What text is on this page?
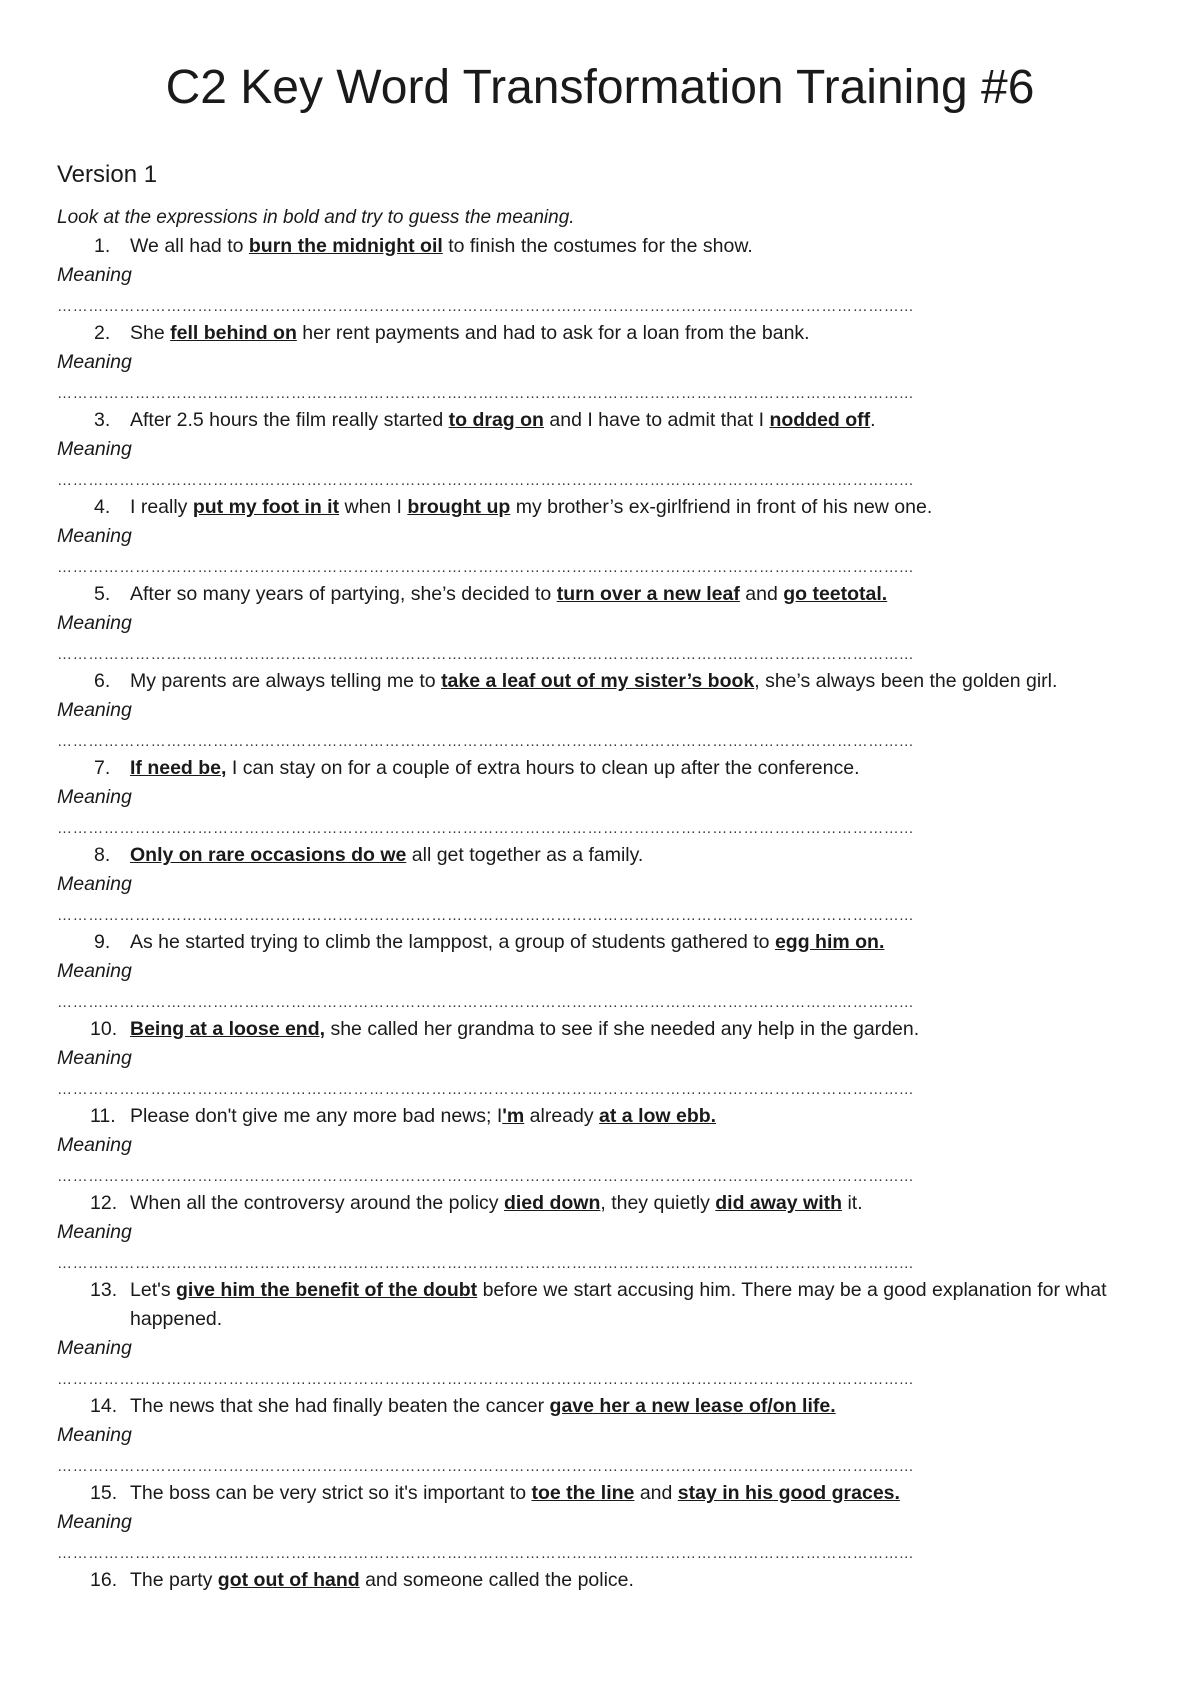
C2 Key Word Transformation Training #6
Version 1

Look at the expressions in bold and try to guess the meaning.

1.	We all had to burn the midnight oil to finish the costumes for the show.
Meaning
………………………………………………………………………………………………………………………………………………...
2.	She fell behind on her rent payments and had to ask for a loan from the bank.
Meaning
………………………………………………………………………………………………………………………………………………...
3.	After 2.5 hours the film really started to drag on and I have to admit that I nodded off.
Meaning
………………………………………………………………………………………………………………………………………………...
4.	I really put my foot in it when I brought up my brother’s ex-girlfriend in front of his new one.
Meaning
………………………………………………………………………………………………………………………………………………...
5.	After so many years of partying, she’s decided to turn over a new leaf and go teetotal.
Meaning
………………………………………………………………………………………………………………………………………………...
6.	My parents are always telling me to take a leaf out of my sister’s book, she’s always been the golden girl.
Meaning
………………………………………………………………………………………………………………………………………………...
7.	If need be, I can stay on for a couple of extra hours to clean up after the conference.
Meaning
………………………………………………………………………………………………………………………………………………...
8.	Only on rare occasions do we all get together as a family.
Meaning
………………………………………………………………………………………………………………………………………………...
9.	As he started trying to climb the lamppost, a group of students gathered to egg him on.
Meaning
………………………………………………………………………………………………………………………………………………...
10. Being at a loose end, she called her grandma to see if she needed any help in the garden.
Meaning
………………………………………………………………………………………………………………………………………………...
11. Please don't give me any more bad news; I'm already at a low ebb.
Meaning
………………………………………………………………………………………………………………………………………………...
12. When all the controversy around the policy died down, they quietly did away with it.
Meaning
………………………………………………………………………………………………………………………………………………...
13. Let's give him the benefit of the doubt before we start accusing him. There may be a good explanation for what happened.
Meaning
………………………………………………………………………………………………………………………………………………...
14. The news that she had finally beaten the cancer gave her a new lease of/on life.
Meaning
………………………………………………………………………………………………………………………………………………...
15. The boss can be very strict so it's important to toe the line and stay in his good graces.
Meaning
………………………………………………………………………………………………………………………………………………...
16. The party got out of hand and someone called the police.
